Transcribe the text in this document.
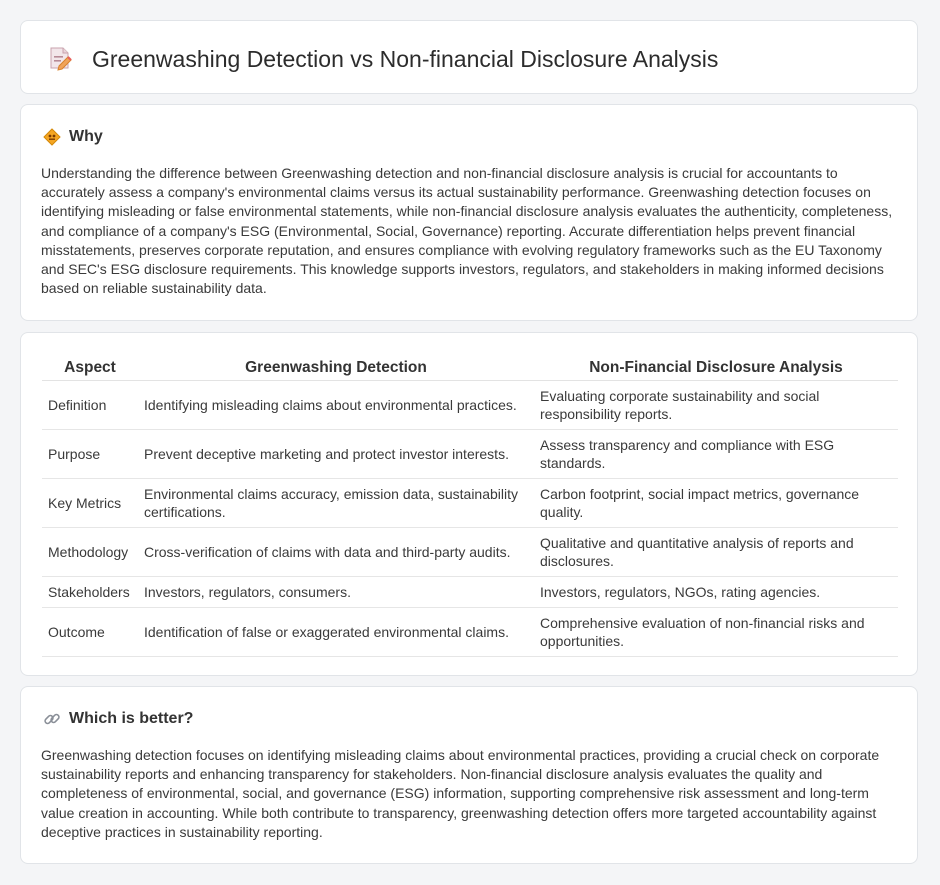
Greenwashing Detection vs Non-financial Disclosure Analysis
Why

Understanding the difference between Greenwashing detection and non-financial disclosure analysis is crucial for accountants to accurately assess a company's environmental claims versus its actual sustainability performance. Greenwashing detection focuses on identifying misleading or false environmental statements, while non-financial disclosure analysis evaluates the authenticity, completeness, and compliance of a company's ESG (Environmental, Social, Governance) reporting. Accurate differentiation helps prevent financial misstatements, preserves corporate reputation, and ensures compliance with evolving regulatory frameworks such as the EU Taxonomy and SEC's ESG disclosure requirements. This knowledge supports investors, regulators, and stakeholders in making informed decisions based on reliable sustainability data.

Aspect	Greenwashing Detection	Non-Financial Disclosure Analysis
Definition	Identifying misleading claims about environmental practices.	Evaluating corporate sustainability and social responsibility reports.
Purpose	Prevent deceptive marketing and protect investor interests.	Assess transparency and compliance with ESG standards.
Key Metrics	Environmental claims accuracy, emission data, sustainability certifications.	Carbon footprint, social impact metrics, governance quality.
Methodology	Cross-verification of claims with data and third-party audits.	Qualitative and quantitative analysis of reports and disclosures.
Stakeholders	Investors, regulators, consumers.	Investors, regulators, NGOs, rating agencies.
Outcome	Identification of false or exaggerated environmental claims.	Comprehensive evaluation of non-financial risks and opportunities.
Which is better?

Greenwashing detection focuses on identifying misleading claims about environmental practices, providing a crucial check on corporate sustainability reports and enhancing transparency for stakeholders. Non-financial disclosure analysis evaluates the quality and completeness of environmental, social, and governance (ESG) information, supporting comprehensive risk assessment and long-term value creation in accounting. While both contribute to transparency, greenwashing detection offers more targeted accountability against deceptive practices in sustainability reporting.
